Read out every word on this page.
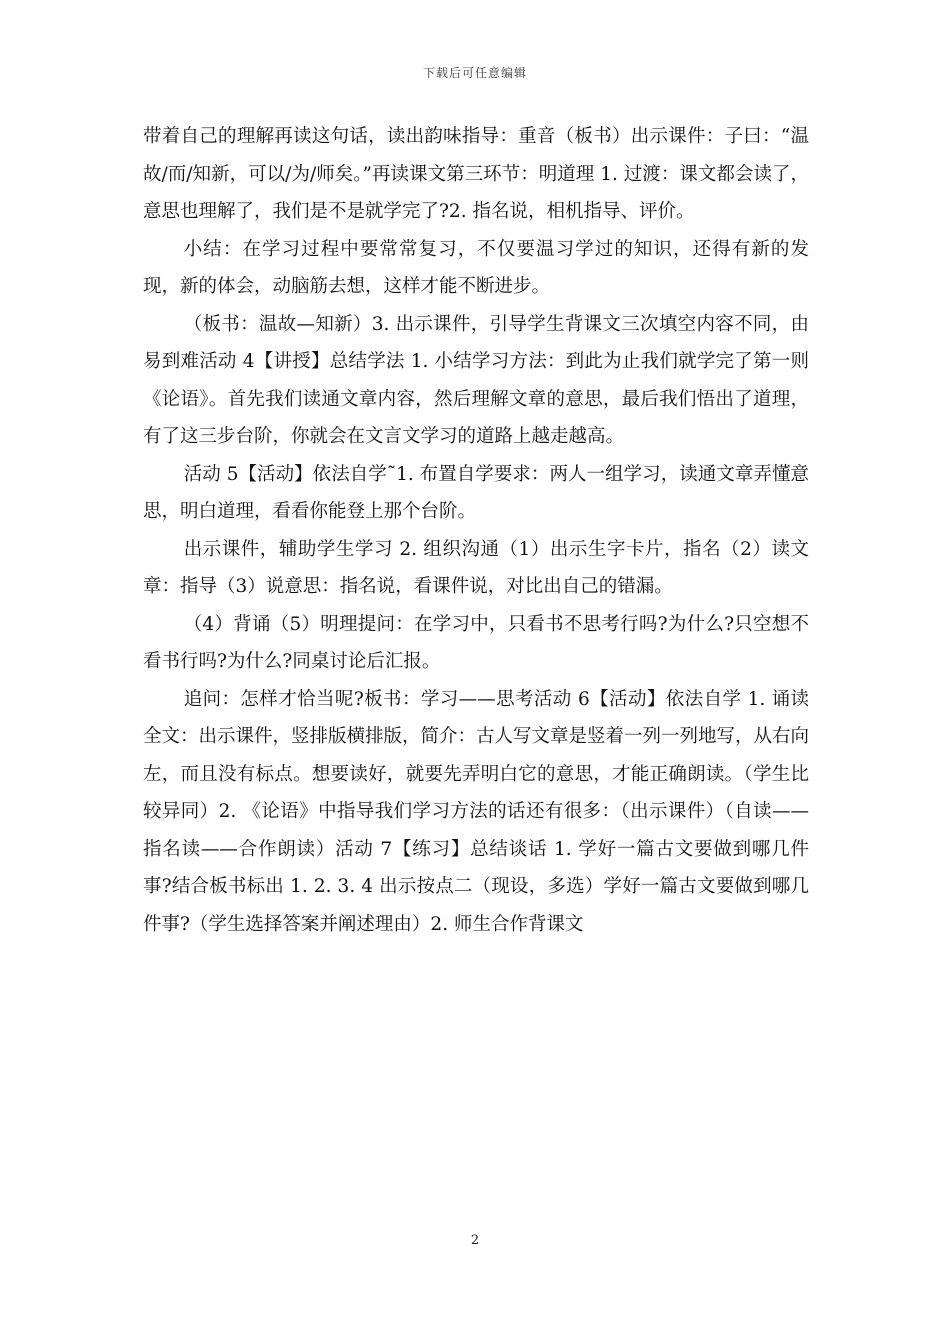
下载后可任意编辑

带着自己的理解再读这句话，读出韵味指导：重音（板书）出示课件：子曰：“温故/而/知新，可以/为/师矣。”再读课文第三环节：明道理 1. 过渡：课文都会读了，意思也理解了，我们是不是就学完了?2. 指名说，相机指导、评价。

小结：在学习过程中要常常复习，不仅要温习学过的知识，还得有新的发现，新的体会，动脑筋去想，这样才能不断进步。

（板书：温故—知新）3. 出示课件，引导学生背课文三次填空内容不同，由易到难活动 4【讲授】总结学法 1. 小结学习方法：到此为止我们就学完了第一则《论语》。首先我们读通文章内容，然后理解文章的意思，最后我们悟出了道理，有了这三步台阶，你就会在文言文学习的道路上越走越高。

活动 5【活动】依法自学˜1. 布置自学要求：两人一组学习，读通文章弄懂意思，明白道理，看看你能登上那个台阶。

出示课件，辅助学生学习 2. 组织沟通（1）出示生字卡片，指名（2）读文章：指导（3）说意思：指名说，看课件说，对比出自己的错漏。

（4）背诵（5）明理提问：在学习中，只看书不思考行吗?为什么?只空想不看书行吗?为什么?同桌讨论后汇报。

追问：怎样才恰当呢?板书：学习——思考活动 6【活动】依法自学 1. 诵读全文：出示课件，竖排版横排版，简介：古人写文章是竖着一列一列地写，从右向左，而且没有标点。想要读好，就要先弄明白它的意思，才能正确朗读。（学生比较异同）2. 《论语》中指导我们学习方法的话还有很多：（出示课件）（自读——指名读——合作朗读）活动 7【练习】总结谈话 1. 学好一篇古文要做到哪几件事?结合板书标出 1. 2. 3. 4 出示按点二（现设，多选）学好一篇古文要做到哪几件事?（学生选择答案并阐述理由）2. 师生合作背课文

2
